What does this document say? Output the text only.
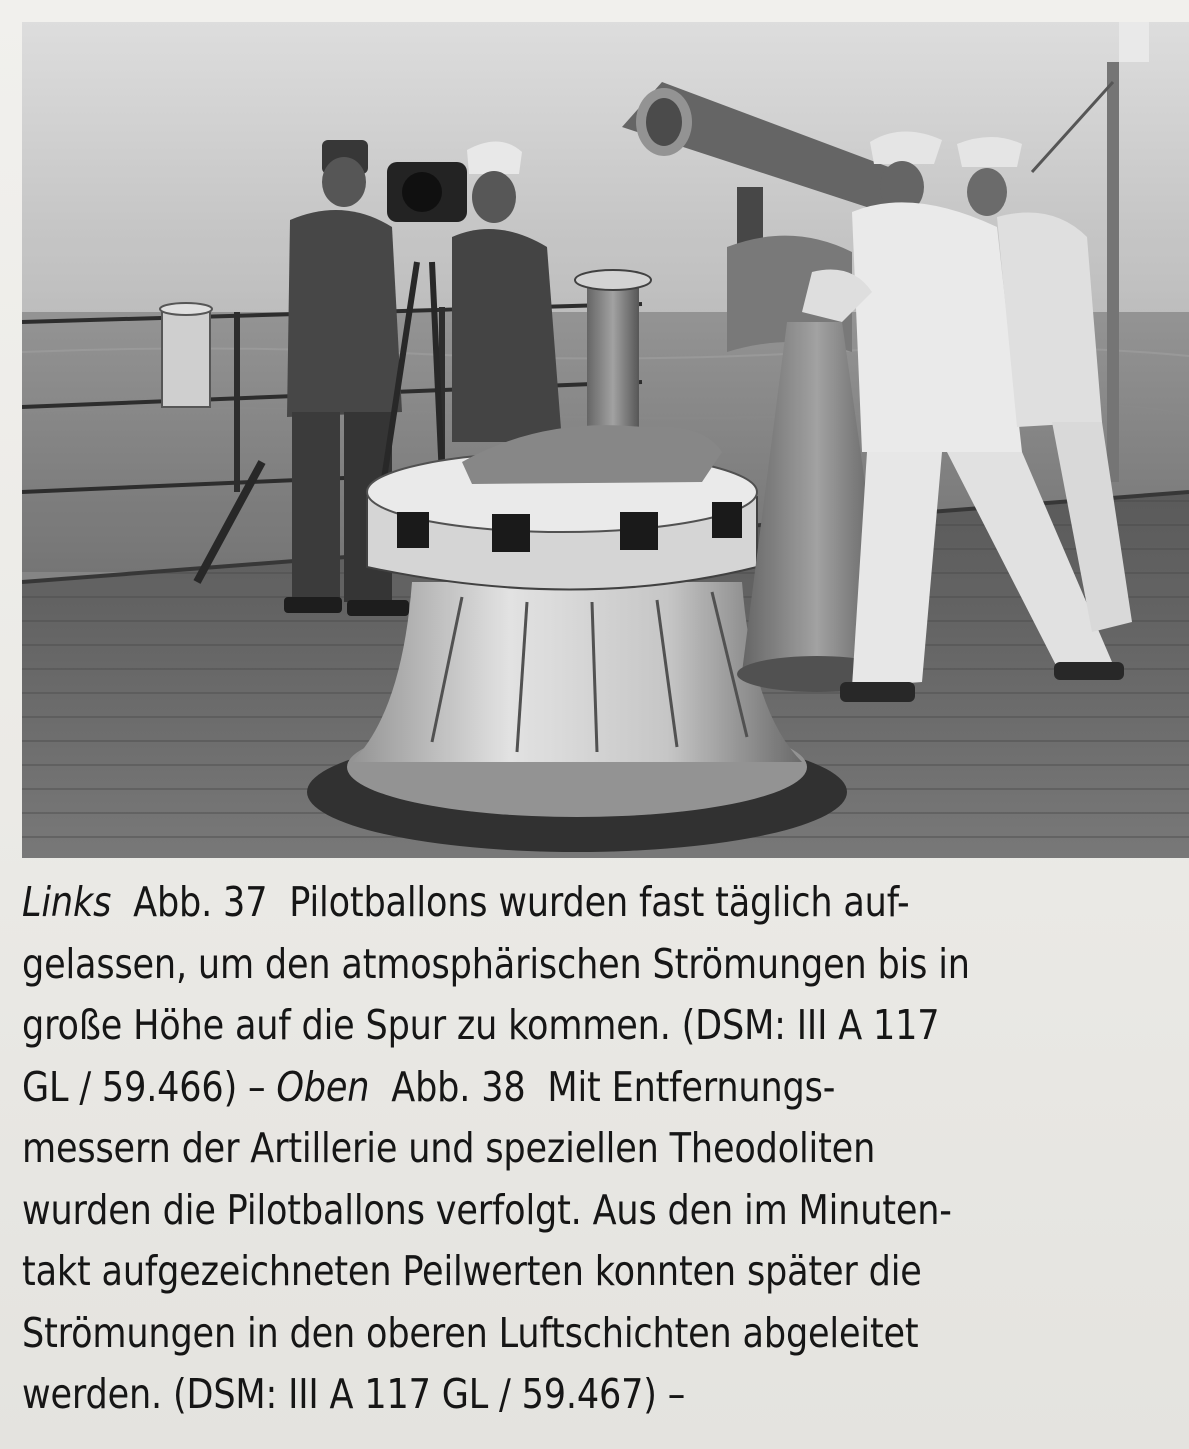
Links  Abb. 37  Pilotballons wurden fast täglich auf-
gelassen, um den atmosphärischen Strömungen bis in
große Höhe auf die Spur zu kommen. (DSM: III A 117
GL / 59.466) – Oben  Abb. 38  Mit Entfernungs-
messern der Artillerie und speziellen Theodoliten
wurden die Pilotballons verfolgt. Aus den im Minuten-
takt aufgezeichneten Peilwerten konnten später die
Strömungen in den oberen Luftschichten abgeleitet
werden. (DSM: III A 117 GL / 59.467) –
